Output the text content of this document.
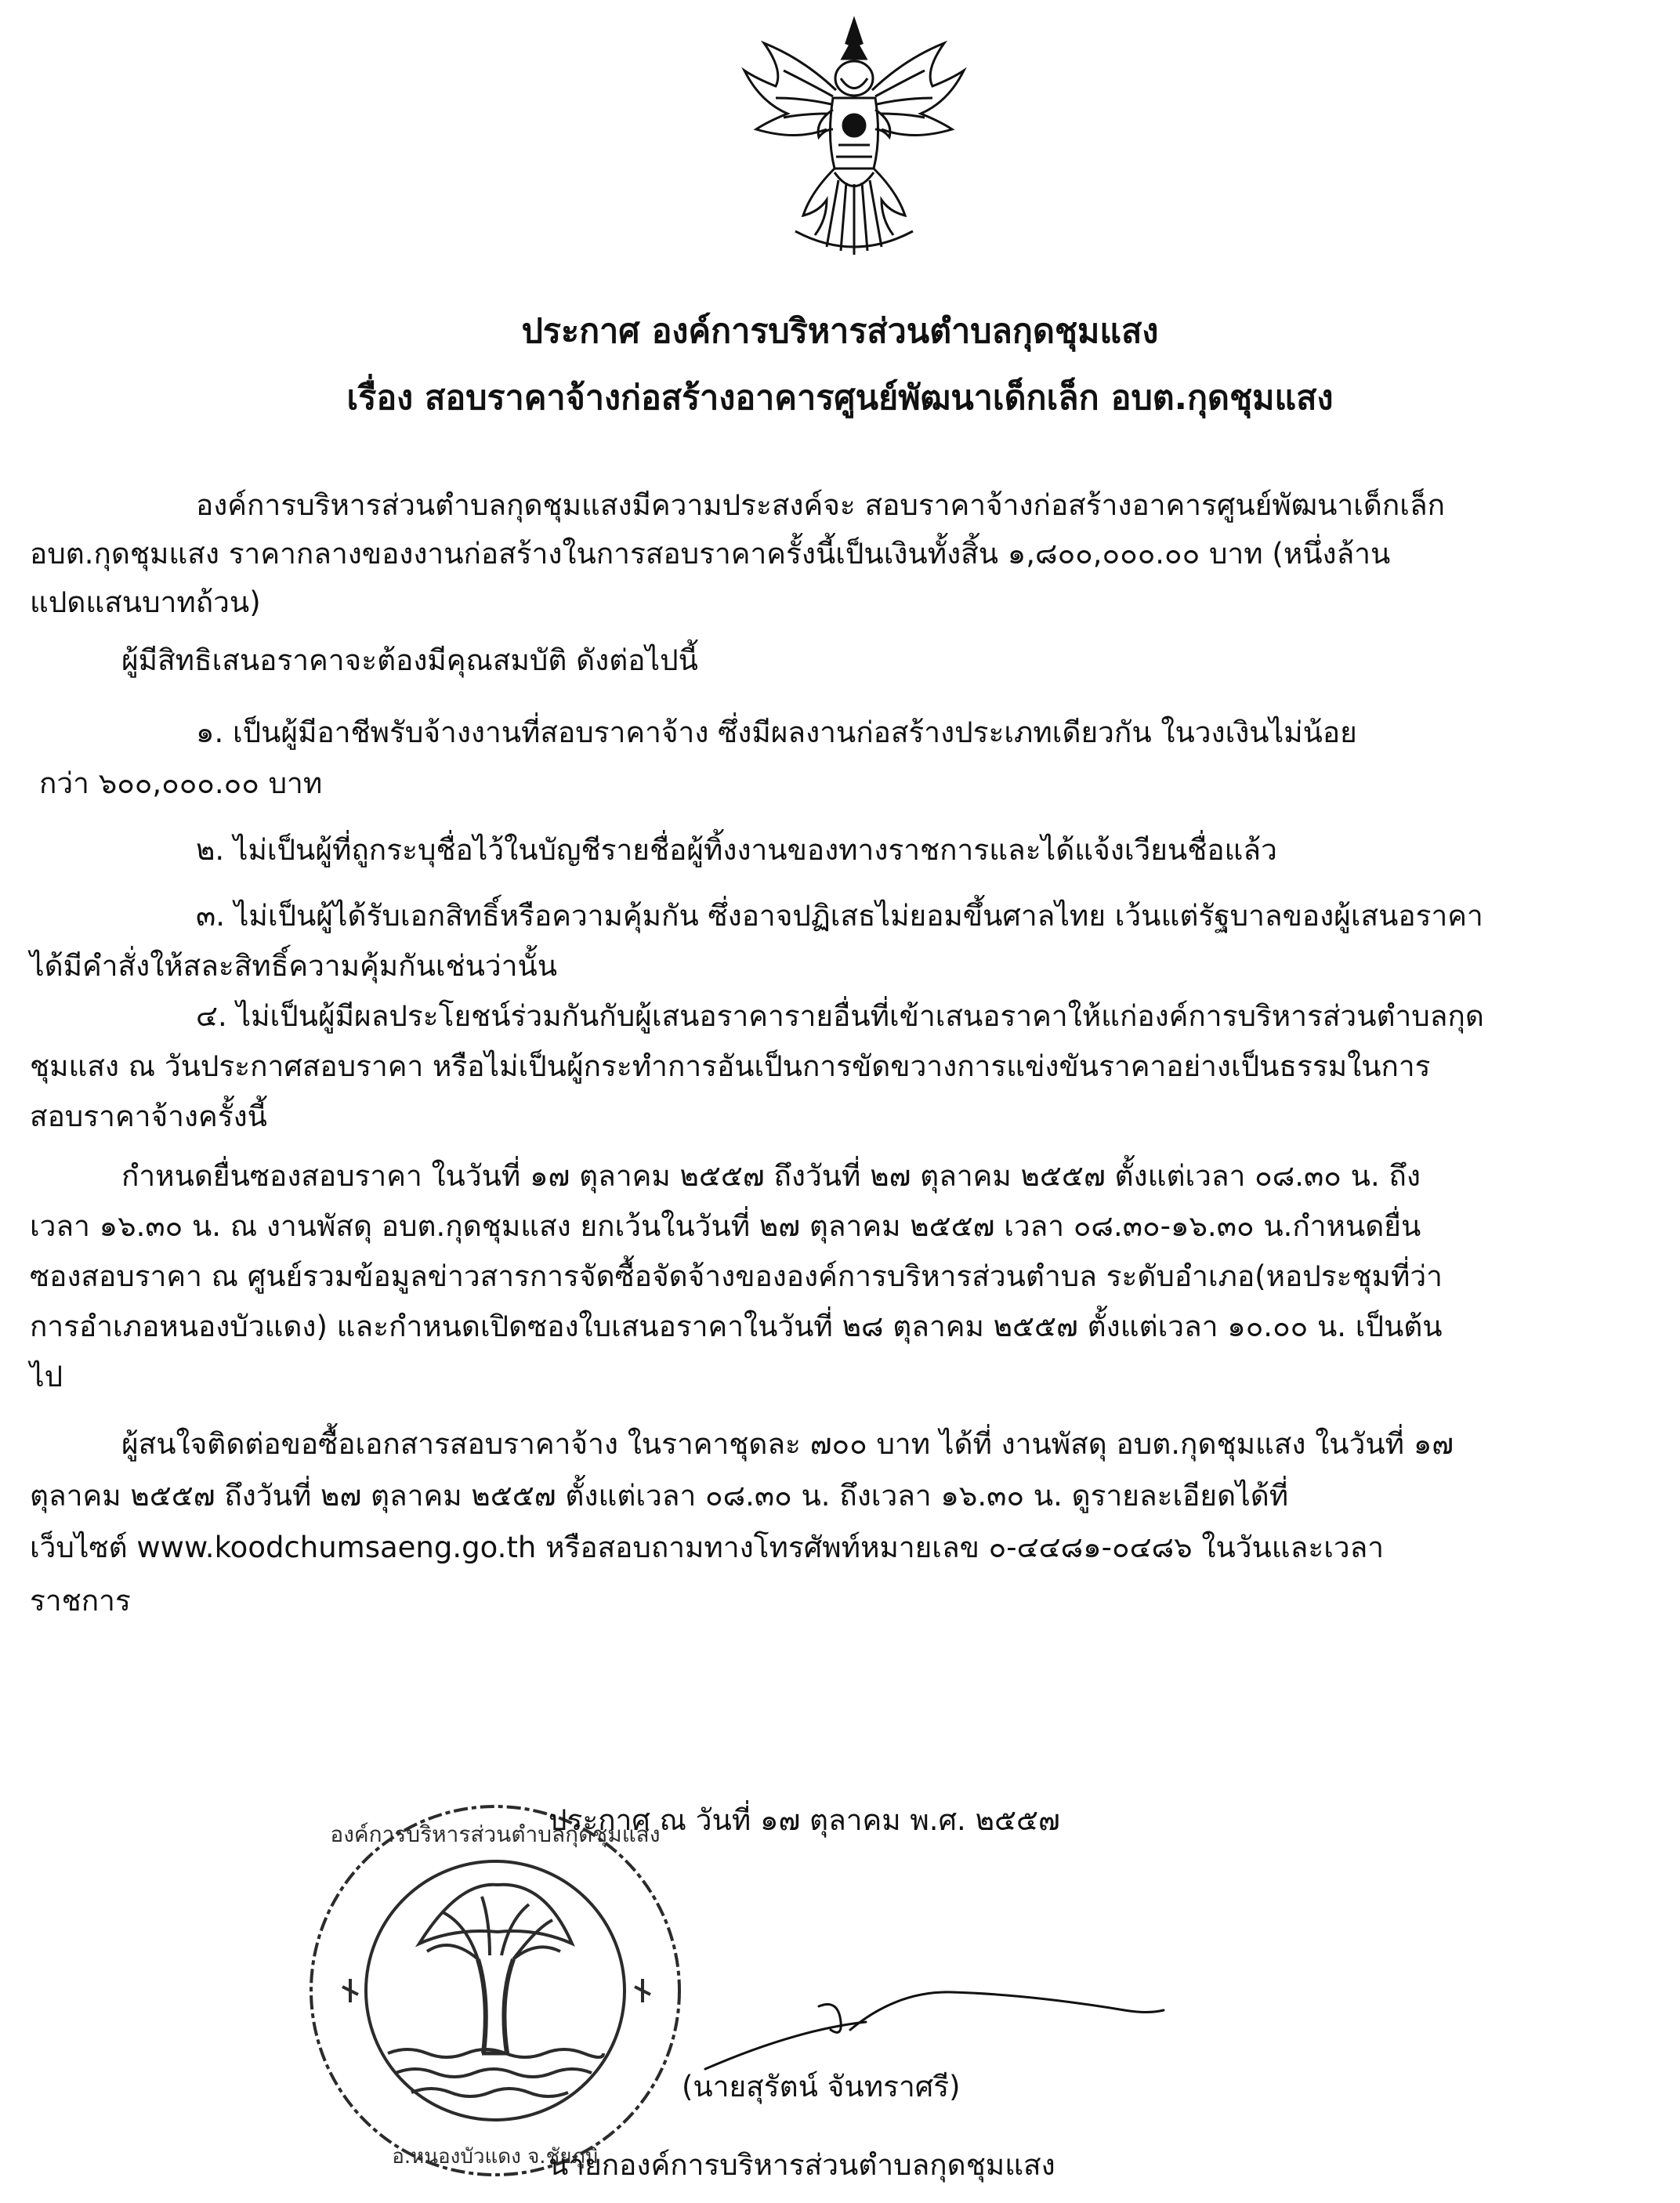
ประกาศ องค์การบริหารส่วนตำบลกุดชุมแสง
เรื่อง สอบราคาจ้างก่อสร้างอาคารศูนย์พัฒนาเด็กเล็ก อบต.กุดชุมแสง
องค์การบริหารส่วนตำบลกุดชุมแสงมีความประสงค์จะ สอบราคาจ้างก่อสร้างอาคารศูนย์พัฒนาเด็กเล็ก
อบต.กุดชุมแสง ราคากลางของงานก่อสร้างในการสอบราคาครั้งนี้เป็นเงินทั้งสิ้น ๑,๘๐๐,๐๐๐.๐๐ บาท (หนึ่งล้าน
แปดแสนบาทถ้วน)
ผู้มีสิทธิเสนอราคาจะต้องมีคุณสมบัติ ดังต่อไปนี้
๑. เป็นผู้มีอาชีพรับจ้างงานที่สอบราคาจ้าง ซึ่งมีผลงานก่อสร้างประเภทเดียวกัน ในวงเงินไม่น้อย
กว่า ๖๐๐,๐๐๐.๐๐ บาท
๒. ไม่เป็นผู้ที่ถูกระบุชื่อไว้ในบัญชีรายชื่อผู้ทิ้งงานของทางราชการและได้แจ้งเวียนชื่อแล้ว
๓. ไม่เป็นผู้ได้รับเอกสิทธิ์หรือความคุ้มกัน ซึ่งอาจปฏิเสธไม่ยอมขึ้นศาลไทย เว้นแต่รัฐบาลของผู้เสนอราคา
ได้มีคำสั่งให้สละสิทธิ์ความคุ้มกันเช่นว่านั้น
๔. ไม่เป็นผู้มีผลประโยชน์ร่วมกันกับผู้เสนอราคารายอื่นที่เข้าเสนอราคาให้แก่องค์การบริหารส่วนตำบลกุด
ชุมแสง ณ วันประกาศสอบราคา หรือไม่เป็นผู้กระทำการอันเป็นการขัดขวางการแข่งขันราคาอย่างเป็นธรรมในการ
สอบราคาจ้างครั้งนี้
กำหนดยื่นซองสอบราคา ในวันที่ ๑๗ ตุลาคม ๒๕๕๗ ถึงวันที่ ๒๗ ตุลาคม ๒๕๕๗ ตั้งแต่เวลา ๐๘.๓๐ น. ถึง
เวลา ๑๖.๓๐ น. ณ งานพัสดุ อบต.กุดชุมแสง ยกเว้นในวันที่ ๒๗ ตุลาคม ๒๕๕๗ เวลา ๐๘.๓๐-๑๖.๓๐ น.กำหนดยื่น
ซองสอบราคา ณ ศูนย์รวมข้อมูลข่าวสารการจัดซื้อจัดจ้างขององค์การบริหารส่วนตำบล ระดับอำเภอ(หอประชุมที่ว่า
การอำเภอหนองบัวแดง) และกำหนดเปิดซองใบเสนอราคาในวันที่ ๒๘ ตุลาคม ๒๕๕๗ ตั้งแต่เวลา ๑๐.๐๐ น. เป็นต้น
ไป
ผู้สนใจติดต่อขอซื้อเอกสารสอบราคาจ้าง ในราคาชุดละ ๗๐๐ บาท ได้ที่ งานพัสดุ อบต.กุดชุมแสง ในวันที่ ๑๗
ตุลาคม ๒๕๕๗ ถึงวันที่ ๒๗ ตุลาคม ๒๕๕๗ ตั้งแต่เวลา ๐๘.๓๐ น. ถึงเวลา ๑๖.๓๐ น. ดูรายละเอียดได้ที่
เว็บไซต์ www.koodchumsaeng.go.th หรือสอบถามทางโทรศัพท์หมายเลข ๐-๔๔๘๑-๐๔๘๖ ในวันและเวลา
ราชการ
องค์การบริหารส่วนตำบลกุดชุมแสง
อ.หนองบัวแดง จ.ชัยภูมิ
ประกาศ ณ วันที่ ๑๗ ตุลาคม พ.ศ. ๒๕๕๗
(นายสุรัตน์ จันทราศรี)
นายกองค์การบริหารส่วนตำบลกุดชุมแสง
